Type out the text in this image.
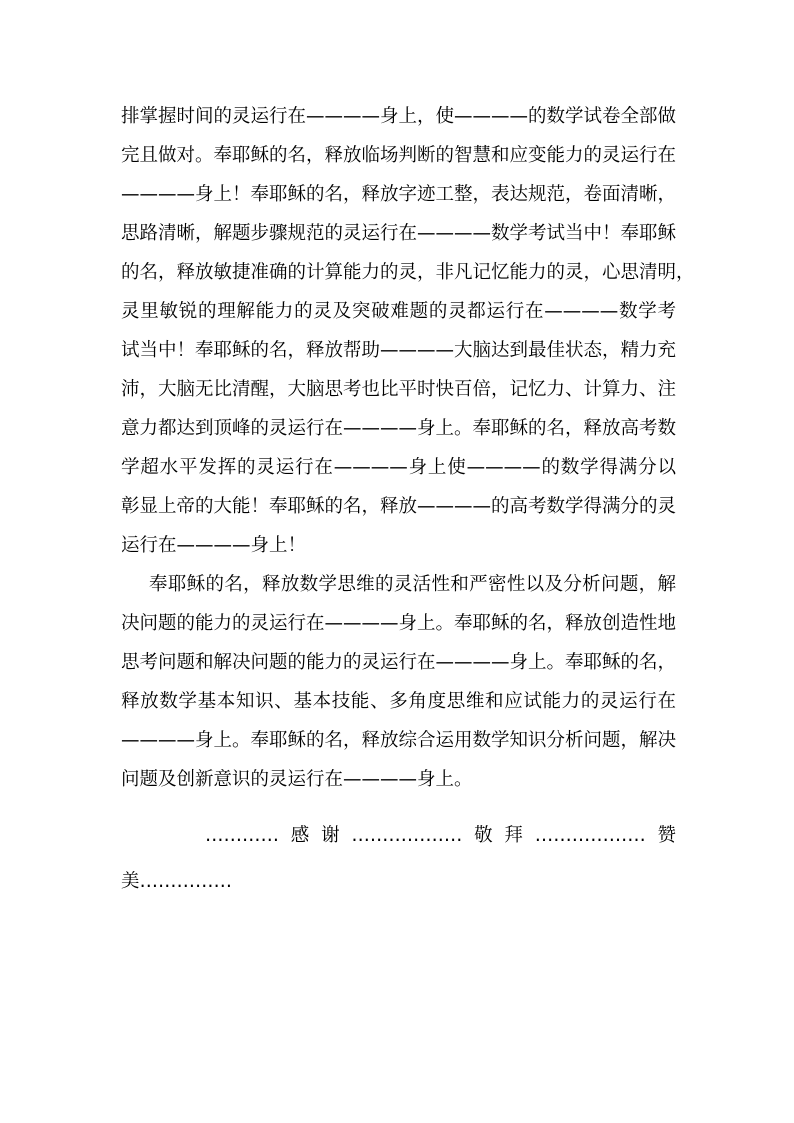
排掌握时间的灵运行在————身上，使————的数学试卷全部做
完且做对。奉耶稣的名，释放临场判断的智慧和应变能力的灵运行在
————身上！奉耶稣的名，释放字迹工整，表达规范，卷面清晰，
思路清晰，解题步骤规范的灵运行在————数学考试当中！奉耶稣
的名，释放敏捷准确的计算能力的灵，非凡记忆能力的灵，心思清明，
灵里敏锐的理解能力的灵及突破难题的灵都运行在————数学考
试当中！奉耶稣的名，释放帮助————大脑达到最佳状态，精力充
沛，大脑无比清醒，大脑思考也比平时快百倍，记忆力、计算力、注
意力都达到顶峰的灵运行在————身上。奉耶稣的名，释放高考数
学超水平发挥的灵运行在————身上使————的数学得满分以
彰显上帝的大能！奉耶稣的名，释放————的高考数学得满分的灵
运行在————身上！
奉耶稣的名，释放数学思维的灵活性和严密性以及分析问题，解
决问题的能力的灵运行在————身上。奉耶稣的名，释放创造性地
思考问题和解决问题的能力的灵运行在————身上。奉耶稣的名，
释放数学基本知识、基本技能、多角度思维和应试能力的灵运行在
————身上。奉耶稣的名，释放综合运用数学知识分析问题，解决
问题及创新意识的灵运行在————身上。
…………感谢………………敬拜………………赞
美……………
